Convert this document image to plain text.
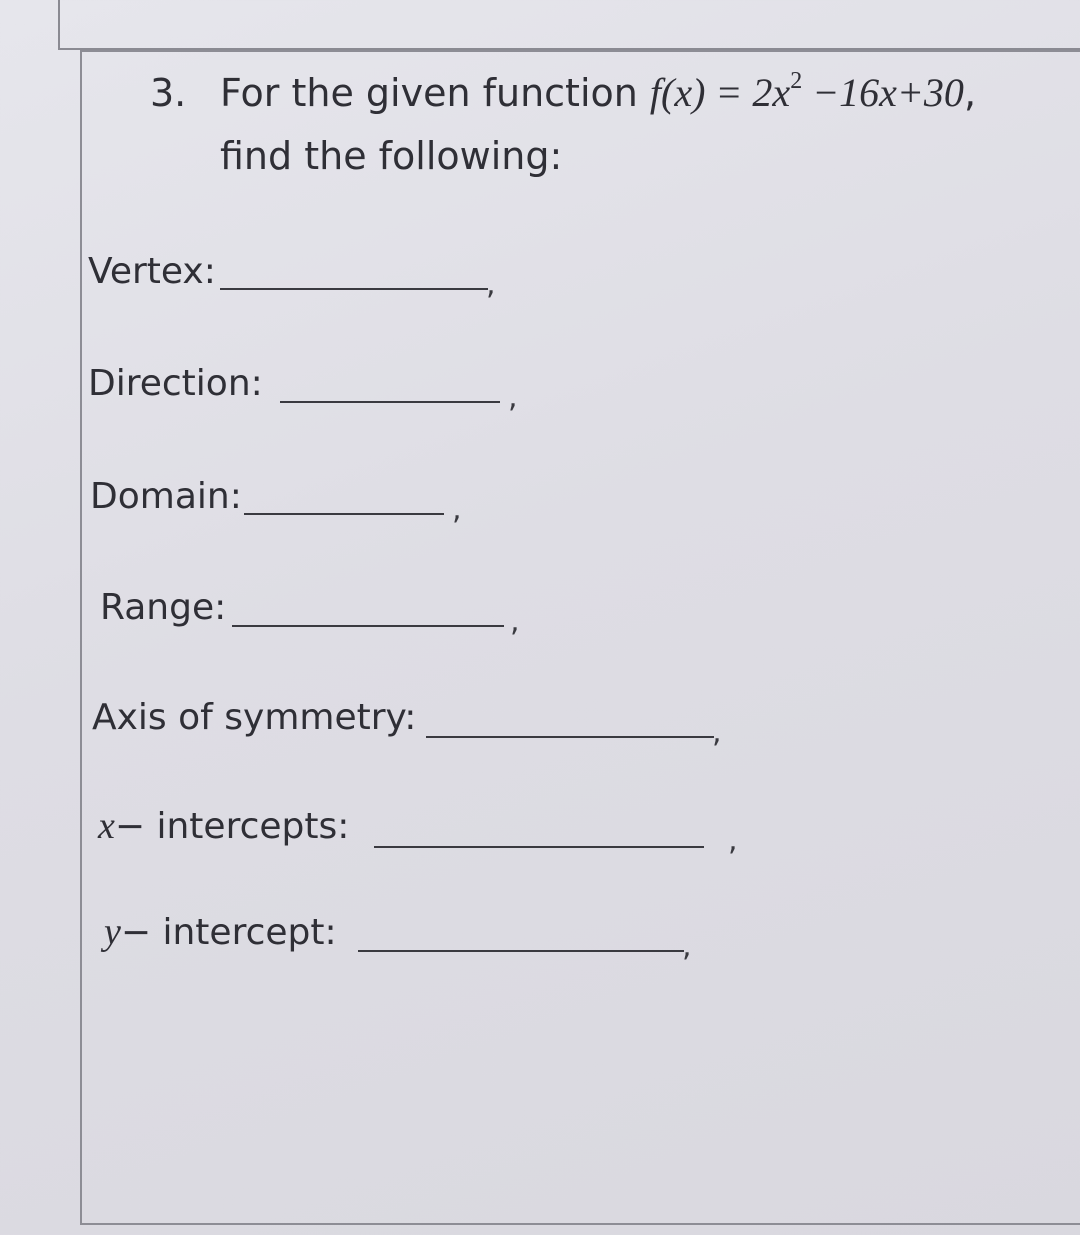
3. For the given function $f(x) = 2x^2 -16x+30$,
find the following:
Vertex:	,
Direction:	,
Domain:	,
Range:	,
Axis of symmetry:	,
x− intercepts:	,
y− intercept:	,
